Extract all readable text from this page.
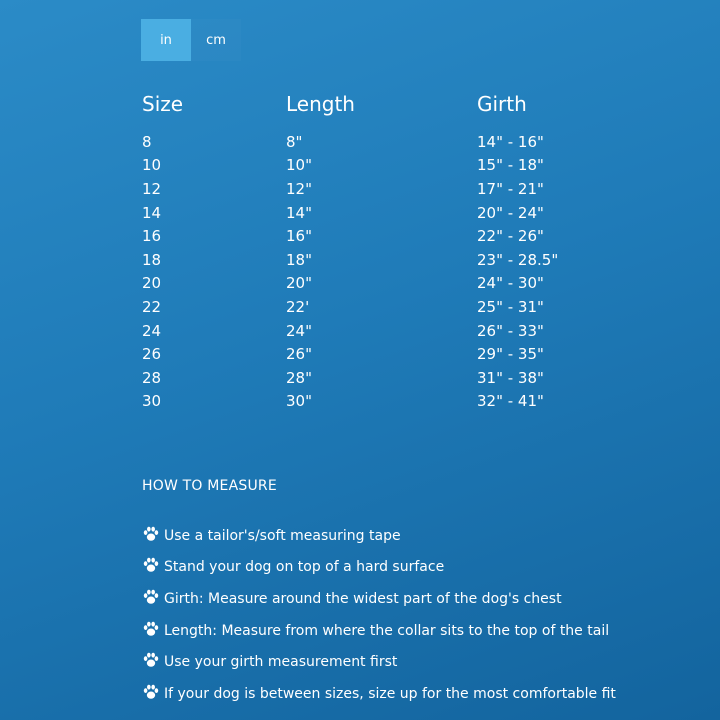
in	cm
Size	Length	Girth
8	8"	14" - 16"
10	10"	15" - 18"
12	12"	17" - 21"
14	14"	20" - 24"
16	16"	22" - 26"
18	18"	23" - 28.5"
20	20"	24" - 30"
22	22'	25" - 31"
24	24"	26" - 33"
26	26"	29" - 35"
28	28"	31" - 38"
30	30"	32" - 41"
HOW TO MEASURE
Use a tailor's/soft measuring tape
Stand your dog on top of a hard surface
Girth: Measure around the widest part of the dog's chest
Length: Measure from where the collar sits to the top of the tail
Use your girth measurement first
If your dog is between sizes, size up for the most comfortable fit
